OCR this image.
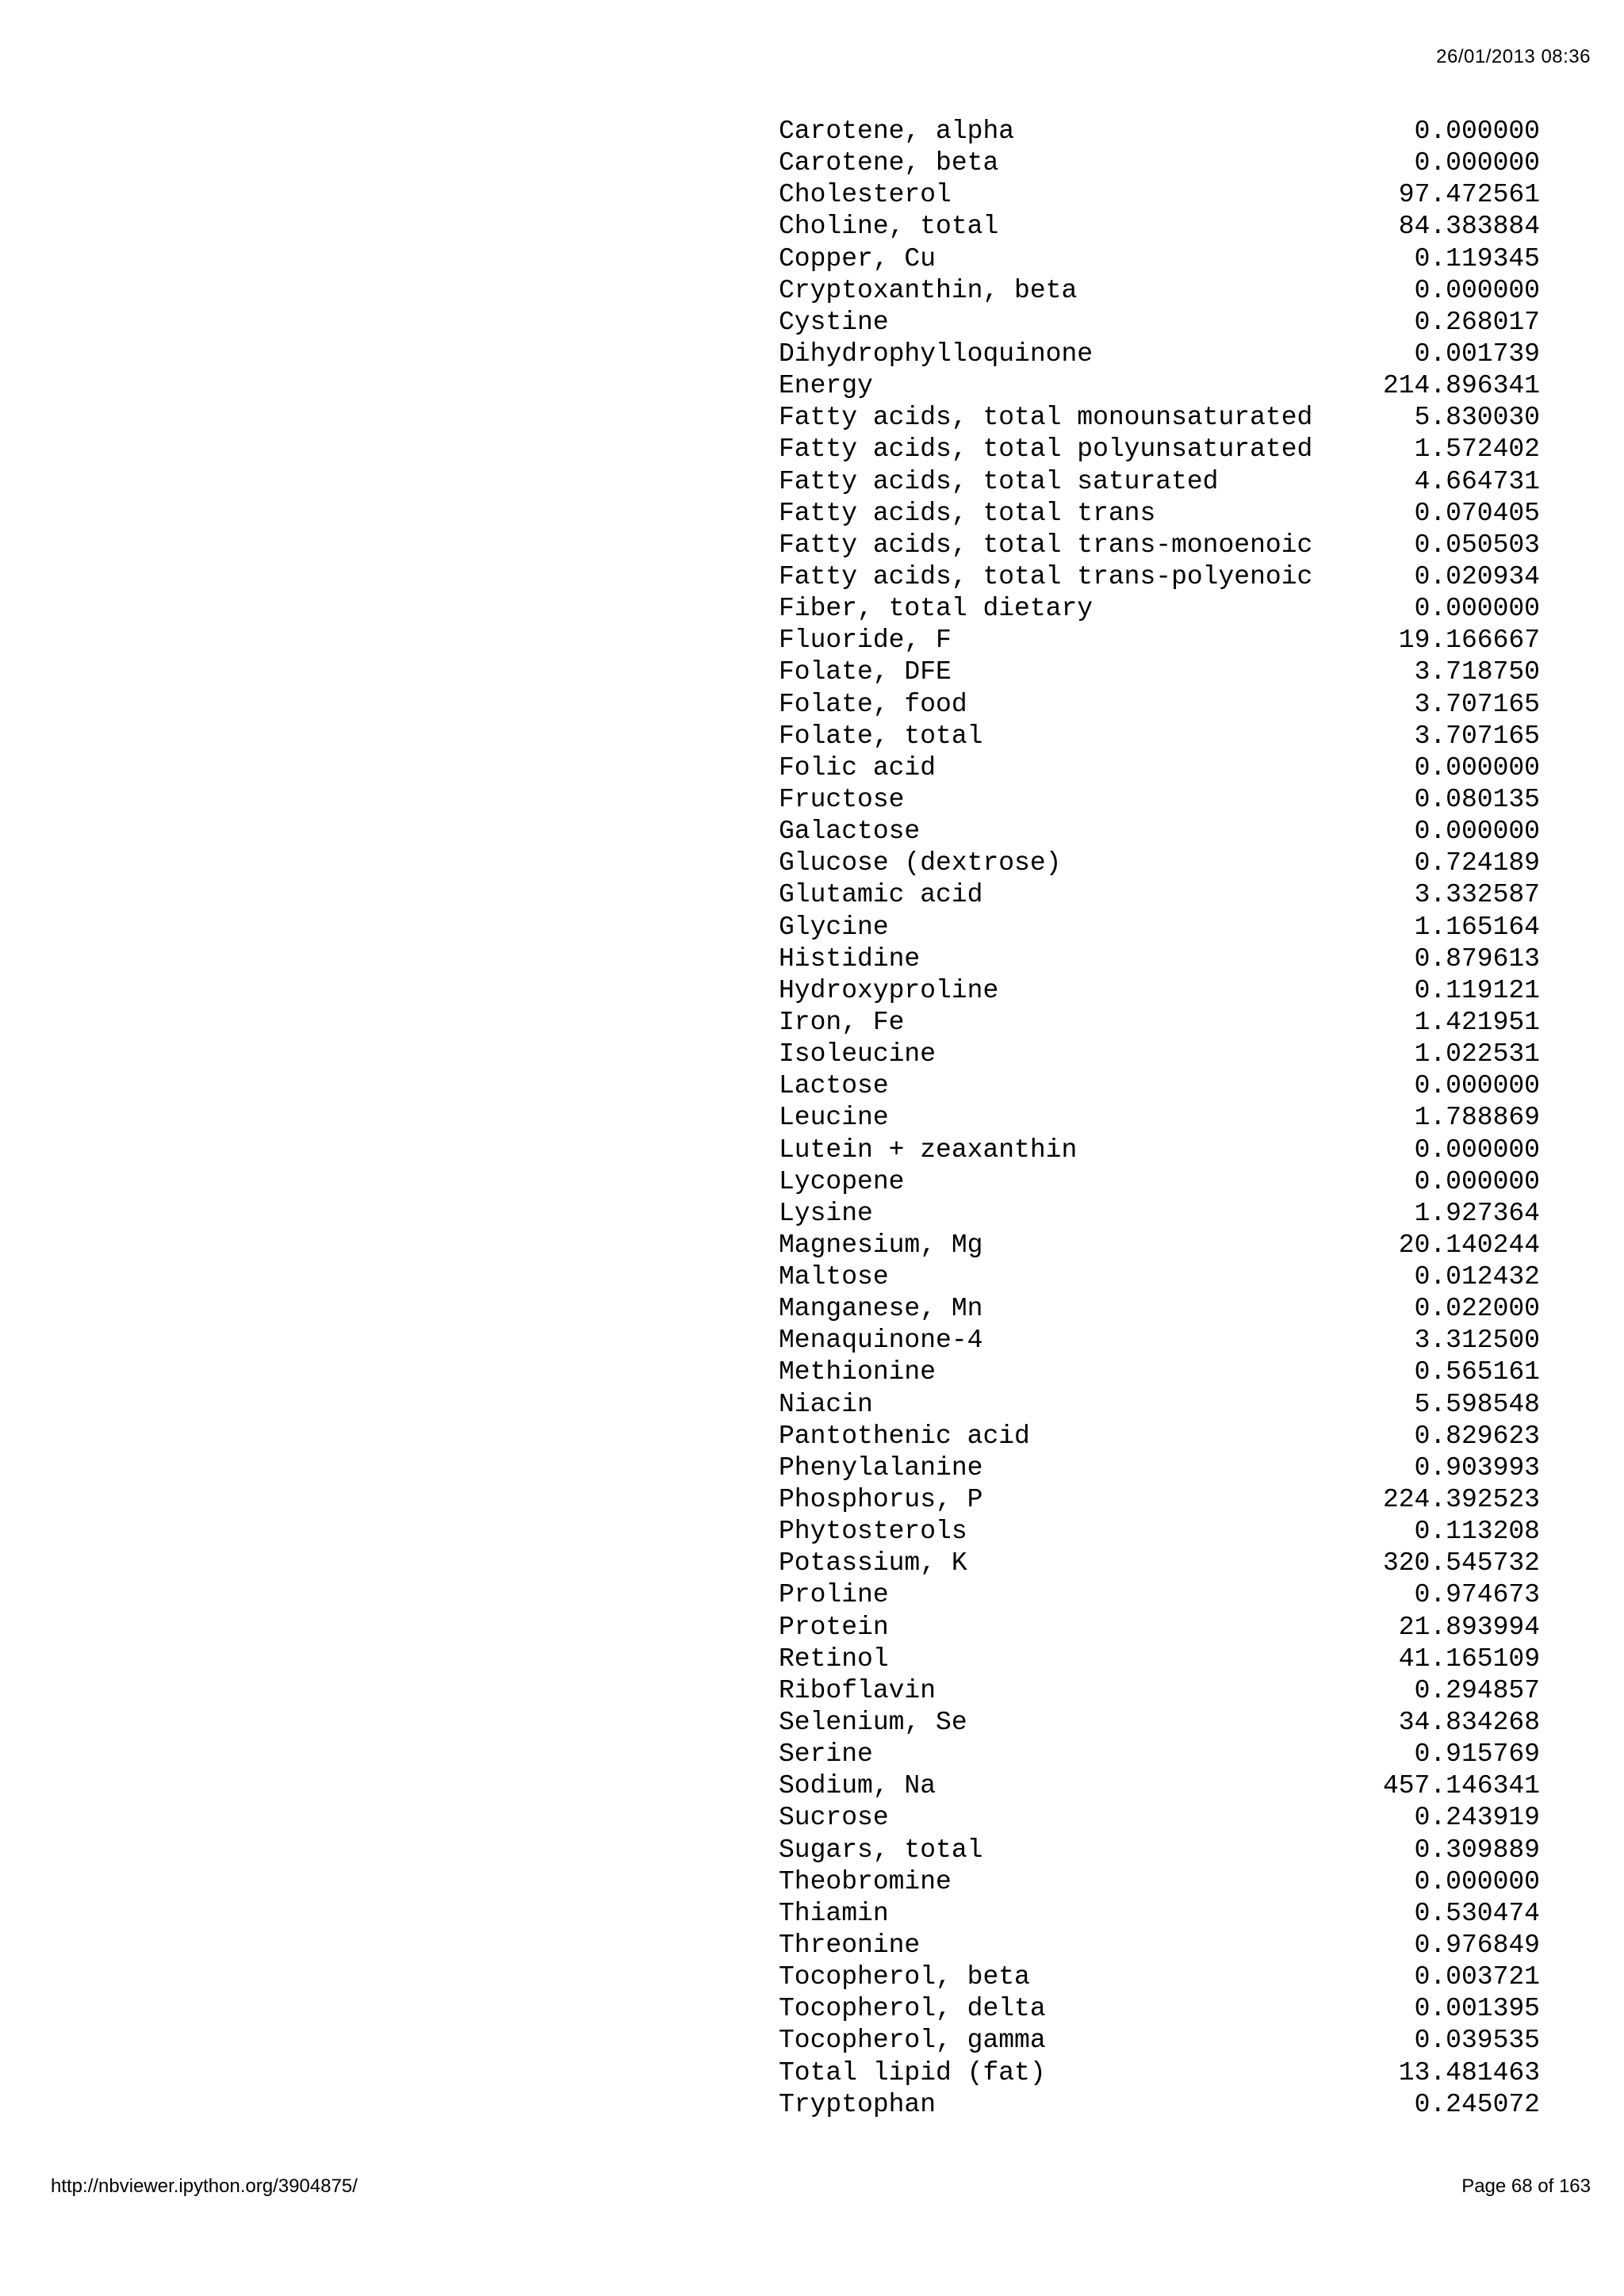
26/01/2013 08:36
Carotene, alpha	0.000000
Carotene, beta	0.000000
Cholesterol	97.472561
Choline, total	84.383884
Copper, Cu	0.119345
Cryptoxanthin, beta	0.000000
Cystine	0.268017
Dihydrophylloquinone	0.001739
Energy	214.896341
Fatty acids, total monounsaturated	5.830030
Fatty acids, total polyunsaturated	1.572402
Fatty acids, total saturated	4.664731
Fatty acids, total trans	0.070405
Fatty acids, total trans-monoenoic	0.050503
Fatty acids, total trans-polyenoic	0.020934
Fiber, total dietary	0.000000
Fluoride, F	19.166667
Folate, DFE	3.718750
Folate, food	3.707165
Folate, total	3.707165
Folic acid	0.000000
Fructose	0.080135
Galactose	0.000000
Glucose (dextrose)	0.724189
Glutamic acid	3.332587
Glycine	1.165164
Histidine	0.879613
Hydroxyproline	0.119121
Iron, Fe	1.421951
Isoleucine	1.022531
Lactose	0.000000
Leucine	1.788869
Lutein + zeaxanthin	0.000000
Lycopene	0.000000
Lysine	1.927364
Magnesium, Mg	20.140244
Maltose	0.012432
Manganese, Mn	0.022000
Menaquinone-4	3.312500
Methionine	0.565161
Niacin	5.598548
Pantothenic acid	0.829623
Phenylalanine	0.903993
Phosphorus, P	224.392523
Phytosterols	0.113208
Potassium, K	320.545732
Proline	0.974673
Protein	21.893994
Retinol	41.165109
Riboflavin	0.294857
Selenium, Se	34.834268
Serine	0.915769
Sodium, Na	457.146341
Sucrose	0.243919
Sugars, total	0.309889
Theobromine	0.000000
Thiamin	0.530474
Threonine	0.976849
Tocopherol, beta	0.003721
Tocopherol, delta	0.001395
Tocopherol, gamma	0.039535
Total lipid (fat)	13.481463
Tryptophan	0.245072
http://nbviewer.ipython.org/3904875/	Page 68 of 163
